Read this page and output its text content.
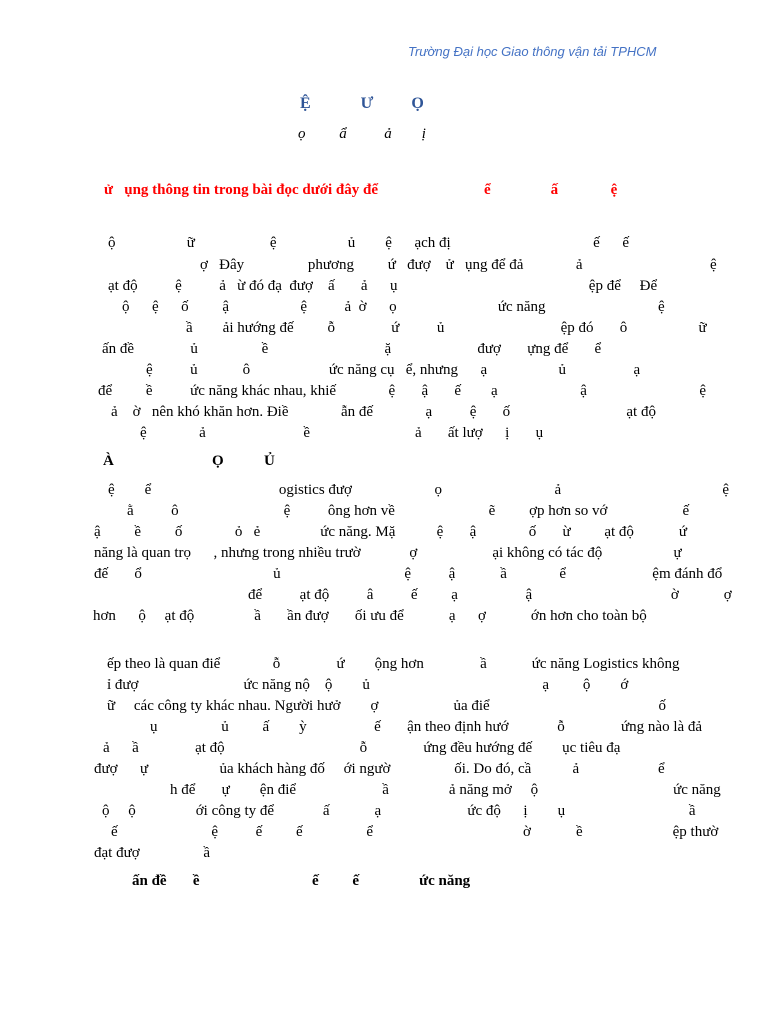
Trường Đại học Giao thông vận tải TPHCM
Ệ        Ư      Ọ
ọ         ẩ          ả        ị
ử   ụng thông tin trong bài đọc dưới đây để	ể                ấ              ệ
ộ                   ữ                    ệ                   ủ        ệ      ạch đị                                      ế      ế
ợ   Đây                 phương         ứ   đượ    ử   ụng để đả              ả                                  ệ
ạt độ          ệ          ả   ừ đó đạ  đượ    ấ       ả      ụ                                                   ệp để     Để
ộ      ệ      ố         ậ                   ệ          ả  ờ      ọ                           ức năng                              ệ
ầ        ải hướng đế         ỗ               ứ          ủ                               ệp đó       ô                   ữ
ấn đề               ủ                 ề                               ặ                       đượ       ựng để       ể
ệ          ủ            ô                     ức năng cụ   ể, nhưng      ạ                   ủ                  ạ
để         ề          ức năng khác nhau, khiế              ệ       ậ       ế        ạ                      ậ                              ệ
ả    ờ   nên khó khăn hơn. Điề              ẫn đế              ạ          ệ       ố                               ạt độ
ệ              ả                          ề                            ả       ất lượ      ị       ụ
À	Ọ	Ủ
ệ        ể                                  ogistics đượ                      ọ                              ả                                           ệ
ằ          ô                            ệ          ông hơn về                         ẽ         ợp hơn so vớ                    ế
ậ         ề         ố              ỏ   ẻ                ức năng. Mặ           ệ       ậ              ố       ừ         ạt độ            ứ
năng là quan trọ      , nhưng trong nhiều trườ             ợ                    ại không có tác độ                   ự
đế       ổ                                   ủ                                 ệ          ậ            ầ              ể                       ệm đánh đổ
để          ạt độ          â          ế         ạ                  ậ                                     ờ            ợ
hơn      ộ     ạt độ                ầ       ần đượ       ối ưu để            ạ      ợ            ớn hơn cho toàn bộ
ếp theo là quan điể              ỗ               ứ        ộng hơn               ầ            ức năng Logistics không
ỉ đượ                            ức năng nộ    ộ        ủ                                              ạ         ộ        ớ
ữ     các công ty khác nhau. Người hưở        ợ                    ủa điể                                             ố
ụ                 ủ         ấ        ỳ                  ế       ận theo định hướ             ỗ               ứng nào là đả
ả      ầ               ạt độ                                    ỗ               ứng đều hướng đế        ục tiêu đạ
đượ      ự                   ủa khách hàng đố     ới ngườ                 ối. Do đó, cầ           ả                     ể
h để       ự        ện điể                       ầ                ả năng mở     ộ                                    ức năng
ộ     ộ                ới công ty để             ấ            ạ                       ức độ      ị        ụ                                 ầ
ế                         ệ          ế         ế                 ể                                        ờ            ề                        ệp thườ
đạt đượ                 ầ
ấn đề       ề                              ế         ế                ức năng
